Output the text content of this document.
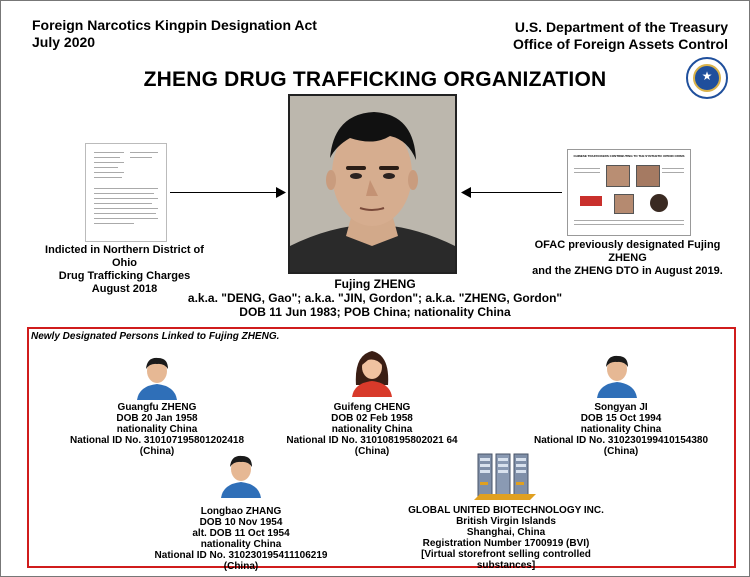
Foreign Narcotics Kingpin Designation Act
July 2020
U.S. Department of the Treasury
Office of Foreign Assets Control
★
ZHENG DRUG TRAFFICKING ORGANIZATION
Indicted in Northern District of Ohio
Drug Trafficking Charges
August 2018
CHINESE TRAFFICKERS CONTRIBUTING TO THE SYNTHETIC OPIOID CRISIS
OFAC previously designated Fujing ZHENG
and the ZHENG DTO in August 2019.
Fujing ZHENG
a.k.a. "DENG, Gao"; a.k.a. "JIN, Gordon"; a.k.a. "ZHENG, Gordon"
DOB 11 Jun 1983; POB China; nationality China
Newly Designated Persons Linked to Fujing ZHENG.
Guangfu ZHENG
DOB 20 Jan 1958
nationality China
National ID No. 310107195801202418 (China)
Guifeng CHENG
DOB 02 Feb 1958
nationality China
National ID No. 310108195802021 64 (China)
Songyan JI
DOB 15 Oct 1994
nationality China
National ID No. 310230199410154380 (China)
Longbao ZHANG
DOB 10 Nov 1954
alt. DOB 11 Oct 1954
nationality China
National ID No. 310230195411106219 (China)
GLOBAL UNITED BIOTECHNOLOGY INC.
British Virgin Islands
Shanghai, China
Registration Number 1700919 (BVI)
[Virtual storefront selling controlled substances]
